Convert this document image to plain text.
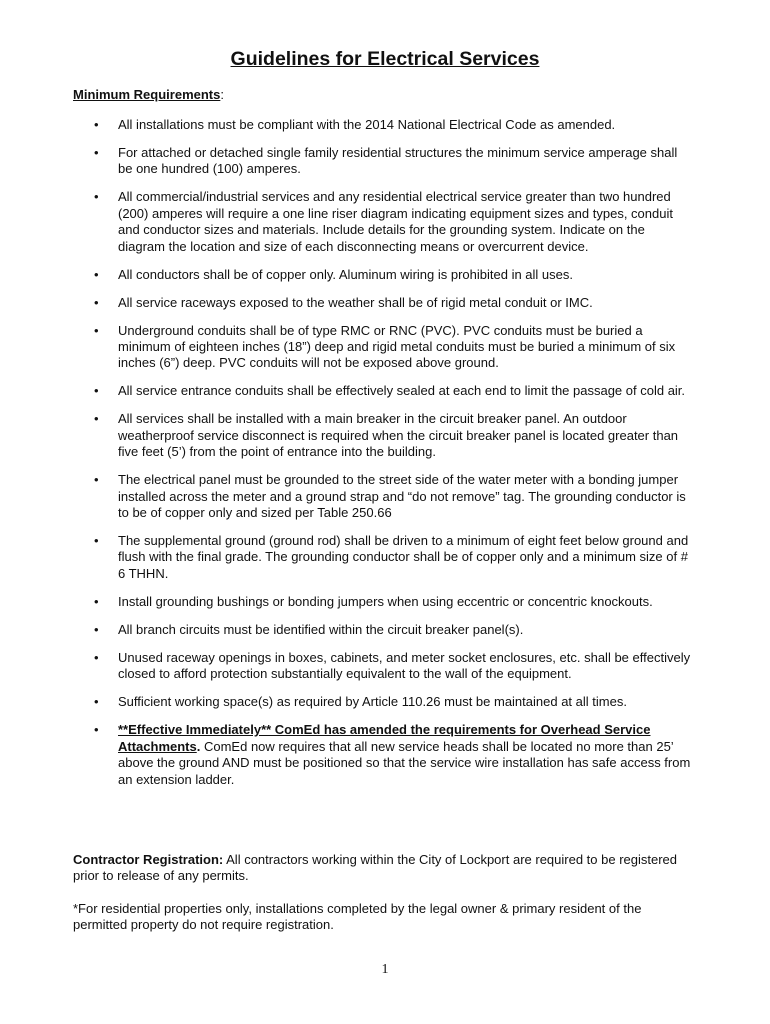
Guidelines for Electrical Services

Minimum Requirements:

• All installations must be compliant with the 2014 National Electrical Code as amended.
• For attached or detached single family residential structures the minimum service amperage shall be one hundred (100) amperes.
• All commercial/industrial services and any residential electrical service greater than two hundred (200) amperes will require a one line riser diagram indicating equipment sizes and types, conduit and conductor sizes and materials. Include details for the grounding system. Indicate on the diagram the location and size of each disconnecting means or overcurrent device.
• All conductors shall be of copper only. Aluminum wiring is prohibited in all uses.
• All service raceways exposed to the weather shall be of rigid metal conduit or IMC.
• Underground conduits shall be of type RMC or RNC (PVC). PVC conduits must be buried a minimum of eighteen inches (18”) deep and rigid metal conduits must be buried a minimum of six inches (6”) deep. PVC conduits will not be exposed above ground.
• All service entrance conduits shall be effectively sealed at each end to limit the passage of cold air.
• All services shall be installed with a main breaker in the circuit breaker panel. An outdoor weatherproof service disconnect is required when the circuit breaker panel is located greater than five feet (5’) from the point of entrance into the building.
• The electrical panel must be grounded to the street side of the water meter with a bonding jumper installed across the meter and a ground strap and “do not remove” tag. The grounding conductor is to be of copper only and sized per Table 250.66
• The supplemental ground (ground rod) shall be driven to a minimum of eight feet below ground and flush with the final grade. The grounding conductor shall be of copper only and a minimum size of # 6 THHN.
• Install grounding bushings or bonding jumpers when using eccentric or concentric knockouts.
• All branch circuits must be identified within the circuit breaker panel(s).
• Unused raceway openings in boxes, cabinets, and meter socket enclosures, etc. shall be effectively closed to afford protection substantially equivalent to the wall of the equipment.
• Sufficient working space(s) as required by Article 110.26 must be maintained at all times.
• **Effective Immediately** ComEd has amended the requirements for Overhead Service Attachments. ComEd now requires that all new service heads shall be located no more than 25’ above the ground AND must be positioned so that the service wire installation has safe access from an extension ladder.

Contractor Registration: All contractors working within the City of Lockport are required to be registered prior to release of any permits.

*For residential properties only, installations completed by the legal owner & primary resident of the permitted property do not require registration.

1
